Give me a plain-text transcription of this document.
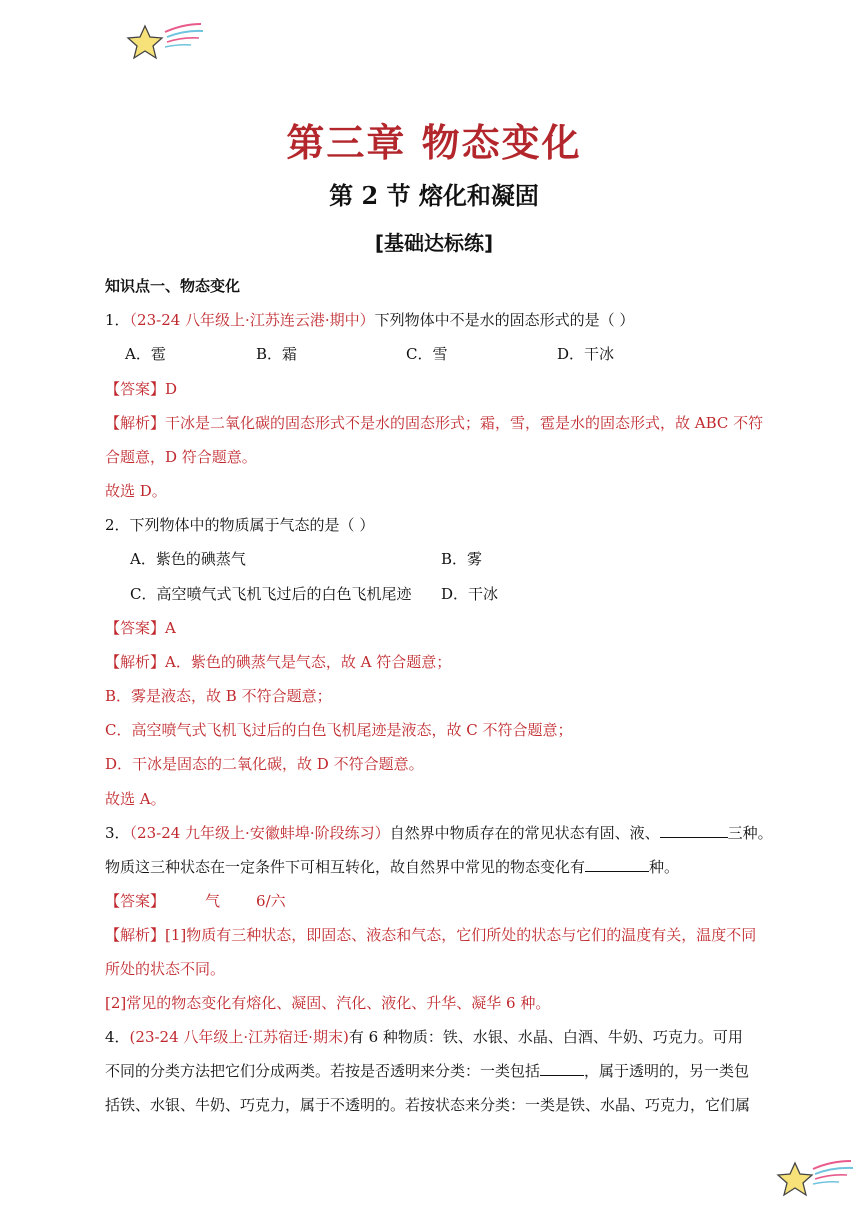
第三章 物态变化
第 2 节 熔化和凝固
[基础达标练]
知识点一、物态变化
1．（23-24 八年级上·江苏连云港·期中）下列物体中不是水的固态形式的是（ ）
A．雹	B．霜	C．雪	D．干冰
【答案】D
【解析】干冰是二氧化碳的固态形式不是水的固态形式；霜，雪，雹是水的固态形式，故 ABC 不符
合题意，D 符合题意。
故选 D。
2．下列物体中的物质属于气态的是（ ）
A．紫色的碘蒸气	B．雾
C．高空喷气式飞机飞过后的白色飞机尾迹 D．干冰
【答案】A
【解析】A．紫色的碘蒸气是气态，故 A 符合题意；
B．雾是液态，故 B 不符合题意；
C．高空喷气式飞机飞过后的白色飞机尾迹是液态，故 C 不符合题意；
D．干冰是固态的二氧化碳，故 D 不符合题意。
故选 A。
3．（23-24 九年级上·安徽蚌埠·阶段练习）自然界中物质存在的常见状态有固、液、	三种。
物质这三种状态在一定条件下可相互转化，故自然界中常见的物态变化有	种。
【答案】	气 6/六
【解析】[1]物质有三种状态，即固态、液态和气态，它们所处的状态与它们的温度有关，温度不同
所处的状态不同。
[2]常见的物态变化有熔化、凝固、汽化、液化、升华、凝华 6 种。
4．(23-24 八年级上·江苏宿迁·期末)有 6 种物质：铁、水银、水晶、白酒、牛奶、巧克力。可用
不同的分类方法把它们分成两类。若按是否透明来分类：一类包括	，属于透明的，另一类包
括铁、水银、牛奶、巧克力，属于不透明的。若按状态来分类：一类是铁、水晶、巧克力，它们属
